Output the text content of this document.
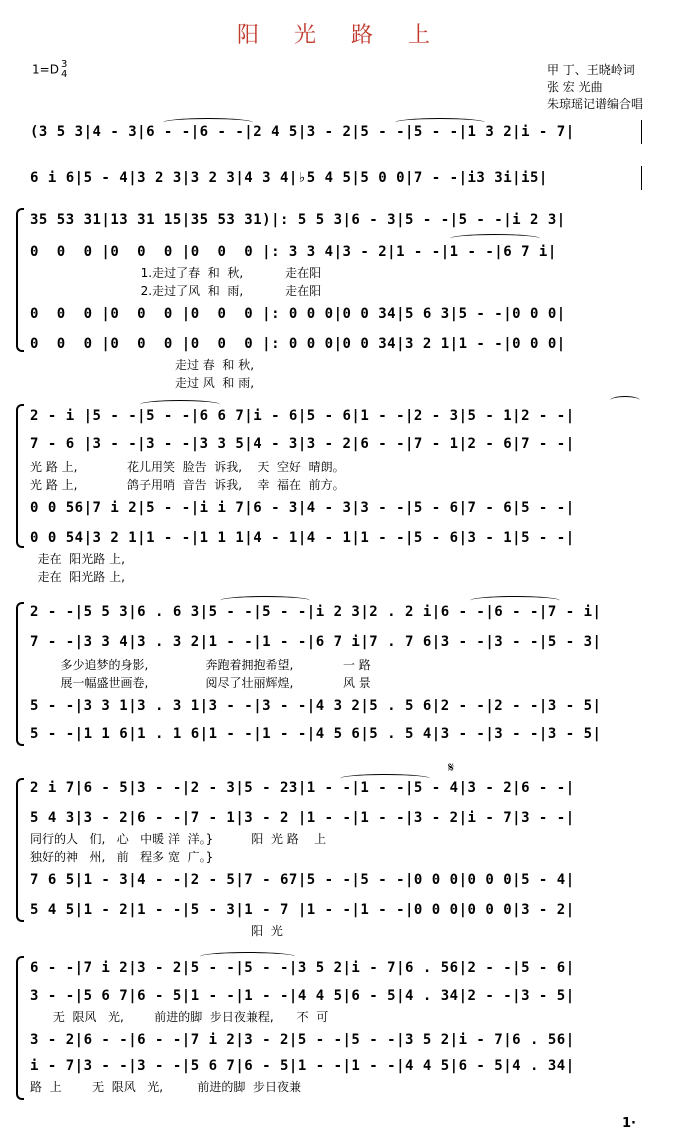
阳 光 路 上
1=D 3
4	甲 丁、王晓岭词
张 宏 光曲
朱琼瑶记谱编合唱
(3 5 3|4 - 3|6 - -|6 - -|2 4 5|3 - 2|5 - -|5 - -|1 3 2|i - 7|
6 i 6|5 - 4|3 2 3|3 2 3|4 3 4|♭5 4 5|5 0 0|7 - -|i3 3i|i5|
35 53 31|13 31 15|35 53 31)|: 5 5 3|6 - 3|5 - -|5 - -|i 2 3|
0  0  0 |0  0  0 |0  0  0 |: 3 3 4|3 - 2|1 - -|1 - -|6 7 i|
1.走过了春  和  秋,           走在阳
2.走过了风  和  雨,           走在阳
0  0  0 |0  0  0 |0  0  0 |: 0 0 0|0 0 34|5 6 3|5 - -|0 0 0|
0  0  0 |0  0  0 |0  0  0 |: 0 0 0|0 0 34|3 2 1|1 - -|0 0 0|
走过 春  和 秋,
走过 风  和 雨,
2 - i |5 - -|5 - -|6 6 7|i - 6|5 - 6|1 - -|2 - 3|5 - 1|2 - -|
7 - 6 |3 - -|3 - -|3 3 5|4 - 3|3 - 2|6 - -|7 - 1|2 - 6|7 - -|
光 路 上,             花儿用笑  脸告  诉我,    天  空好  晴朗。
光 路 上,             鸽子用哨  音告  诉我,    幸  福在  前方。
0 0 56|7 i 2|5 - -|i i 7|6 - 3|4 - 3|3 - -|5 - 6|7 - 6|5 - -|
0 0 54|3 2 1|1 - -|1 1 1|4 - 1|4 - 1|1 - -|5 - 6|3 - 1|5 - -|
走在  阳光路 上,
走在  阳光路 上,
2 - -|5 5 3|6 . 6 3|5 - -|5 - -|i 2 3|2 . 2 i|6 - -|6 - -|7 - i|
7 - -|3 3 4|3 . 3 2|1 - -|1 - -|6 7 i|7 . 7 6|3 - -|3 - -|5 - 3|
多少追梦的身影,               奔跑着拥抱希望,             一 路
展一幅盛世画卷,               阅尽了壮丽辉煌,             风 景
5 - -|3 3 1|3 . 3 1|3 - -|3 - -|4 3 2|5 . 5 6|2 - -|2 - -|3 - 5|
5 - -|1 1 6|1 . 1 6|1 - -|1 - -|4 5 6|5 . 5 4|3 - -|3 - -|3 - 5|
𝄋
2 i 7|6 - 5|3 - -|2 - 3|5 - 23|1 - -|1 - -|5 - 4|3 - 2|6 - -|
5 4 3|3 - 2|6 - -|7 - 1|3 - 2 |1 - -|1 - -|3 - 2|i - 7|3 - -|
同行的人   们,   心   中暖 洋  洋。}          阳  光 路    上
独好的神   州,   前   程多 宽  广。}
7 6 5|1 - 3|4 - -|2 - 5|7 - 67|5 - -|5 - -|0 0 0|0 0 0|5 - 4|
5 4 5|1 - 2|1 - -|5 - 3|1 - 7 |1 - -|1 - -|0 0 0|0 0 0|3 - 2|
阳  光
6 - -|7 i 2|3 - 2|5 - -|5 - -|3 5 2|i - 7|6 . 56|2 - -|5 - 6|
3 - -|5 6 7|6 - 5|1 - -|1 - -|4 4 5|6 - 5|4 . 34|2 - -|3 - 5|
无  限风   光,        前进的脚  步日夜兼程,      不  可
3 - 2|6 - -|6 - -|7 i 2|3 - 2|5 - -|5 - -|3 5 2|i - 7|6 . 56|
i - 7|3 - -|3 - -|5 6 7|6 - 5|1 - -|1 - -|4 4 5|6 - 5|4 . 34|
路  上        无  限风   光,         前进的脚  步日夜兼
1·
